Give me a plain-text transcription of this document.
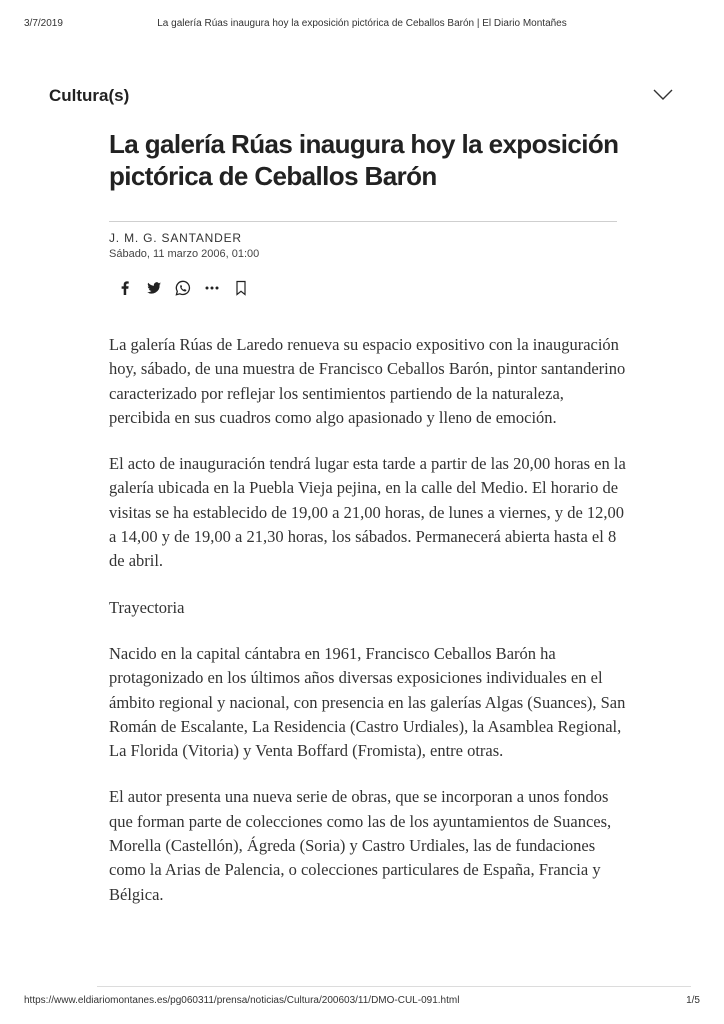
3/7/2019	La galería Rúas inaugura hoy la exposición pictórica de Ceballos Barón | El Diario Montañes
Cultura(s)
La galería Rúas inaugura hoy la exposición
pictórica de Ceballos Barón
J. M. G. SANTANDER
Sábado, 11 marzo 2006, 01:00

La galería Rúas de Laredo renueva su espacio expositivo con la inauguración hoy, sábado, de una muestra de Francisco Ceballos Barón, pintor santanderino caracterizado por reflejar los sentimientos partiendo de la naturaleza, percibida en sus cuadros como algo apasionado y lleno de emoción.

El acto de inauguración tendrá lugar esta tarde a partir de las 20,00 horas en la galería ubicada en la Puebla Vieja pejina, en la calle del Medio. El horario de visitas se ha establecido de 19,00 a 21,00 horas, de lunes a viernes, y de 12,00 a 14,00 y de 19,00 a 21,30 horas, los sábados. Permanecerá abierta hasta el 8 de abril.

Trayectoria

Nacido en la capital cántabra en 1961, Francisco Ceballos Barón ha protagonizado en los últimos años diversas exposiciones individuales en el ámbito regional y nacional, con presencia en las galerías Algas (Suances), San Román de Escalante, La Residencia (Castro Urdiales), la Asamblea Regional, La Florida (Vitoria) y Venta Boffard (Fromista), entre otras.

El autor presenta una nueva serie de obras, que se incorporan a unos fondos que forman parte de colecciones como las de los ayuntamientos de Suances, Morella (Castellón), Ágreda (Soria) y Castro Urdiales, las de fundaciones como la Arias de Palencia, o colecciones particulares de España, Francia y Bélgica.

https://www.eldiariomontanes.es/pg060311/prensa/noticias/Cultura/200603/11/DMO-CUL-091.html	1/5
